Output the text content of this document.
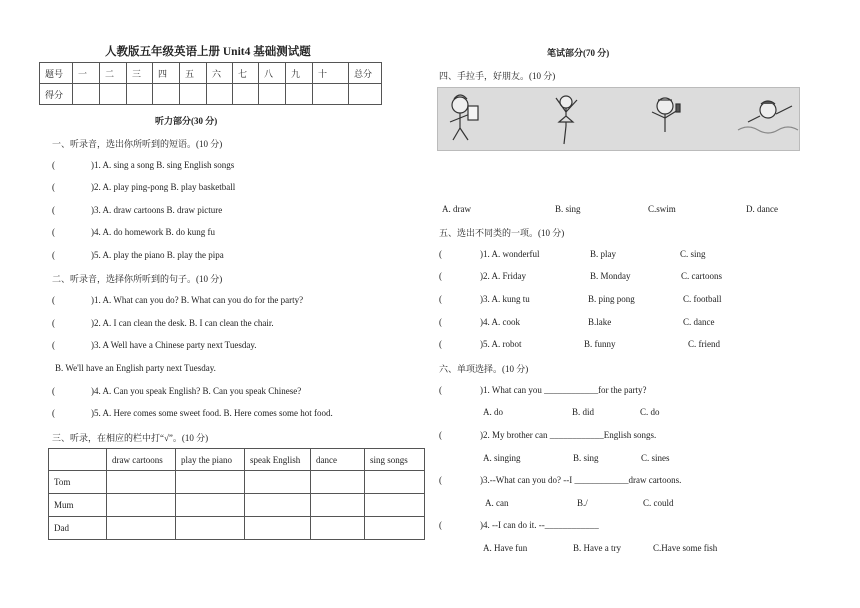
人教版五年级英语上册 Unit4 基础测试题
题号	一	二	三	四	五	六	七	八	九	十	总分
得分											
听力部分(30 分)
一、听录音，选出你所听到的短语。(10 分)
(	)1. A. sing a song B. sing English songs
(	)2. A. play ping-pong B. play basketball
(	)3. A. draw cartoons B. draw picture
(	)4. A. do homework B. do kung fu
(	)5. A. play the piano B. play the pipa
二、听录音，选择你所听到的句子。(10 分)
(	)1. A. What can you do? B. What can you do for the party?
(	)2. A. I can clean the desk. B. I can clean the chair.
(	)3. A Well have a Chinese party next Tuesday.
B. We'll have an English party next Tuesday.
(	)4. A. Can you speak English? B. Can you speak Chinese?
(	)5. A. Here comes some sweet food. B. Here comes some hot food.
三、听录，在相应的栏中打“√”。(10 分)
	draw cartoons	play the piano	speak English	dance	sing songs
Tom					
Mum					
Dad					
笔试部分(70 分)
四、手拉手，好朋友。(10 分)
A. draw	B. sing	C.swim	D. dance
五、选出不同类的一项。(10 分)
(	)1. A. wonderful	B. play	C. sing
(	)2. A. Friday	B. Monday	C. cartoons
(	)3. A. kung tu	B. ping pong	C. football
(	)4. A. cook	B.lake	C. dance
(	)5. A. robot	B. funny	C. friend
六、单项选择。(10 分)
(	)1. What can you ____________for the party?
A. do	B. did	C. do
(	)2. My brother can ____________English songs.
A. singing	B. sing	C. sines
(	)3.--What can you do? --I ____________draw cartoons.
A. can	B./	C. could
(	)4. --I can do it. --____________
A. Have fun	B. Have a try	C.Have some fish
